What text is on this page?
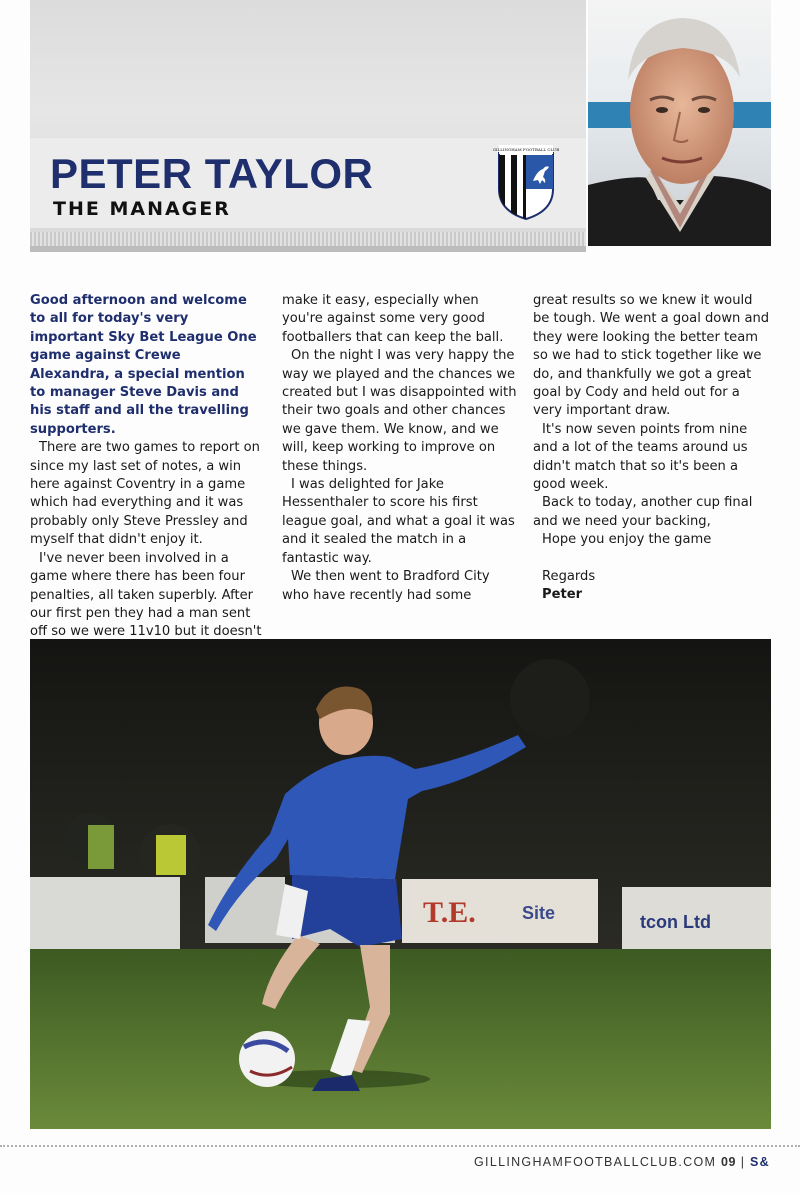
PETER TAYLOR
THE MANAGER
GILLINGHAM FOOTBALL CLUB

Good afternoon and welcome to all for today's very important Sky Bet League One game against Crewe Alexandra, a special mention to manager Steve Davis and his staff and all the travelling supporters.

There are two games to report on since my last set of notes, a win here against Coventry in a game which had everything and it was probably only Steve Pressley and myself that didn't enjoy it.

I've never been involved in a game where there has been four penalties, all taken superbly. After our first pen they had a man sent off so we were 11v10 but it doesn't

make it easy, especially when you're against some very good footballers that can keep the ball.

On the night I was very happy the way we played and the chances we created but I was disappointed with their two goals and other chances we gave them. We know, and we will, keep working to improve on these things.

I was delighted for Jake Hessenthaler to score his first league goal, and what a goal it was and it sealed the match in a fantastic way.

We then went to Bradford City who have recently had some

great results so we knew it would be tough. We went a goal down and they were looking the better team so we had to stick together like we do, and thankfully we got a great goal by Cody and held out for a very important draw.

It's now seven points from nine and a lot of the teams around us didn't match that so it's been a good week.

Back to today, another cup final and we need your backing,

Hope you enjoy the game

Regards

Peter

T.E.	Site	tcon Ltd
GILLINGHAMFOOTBALLCLUB.COM 09 | S&
